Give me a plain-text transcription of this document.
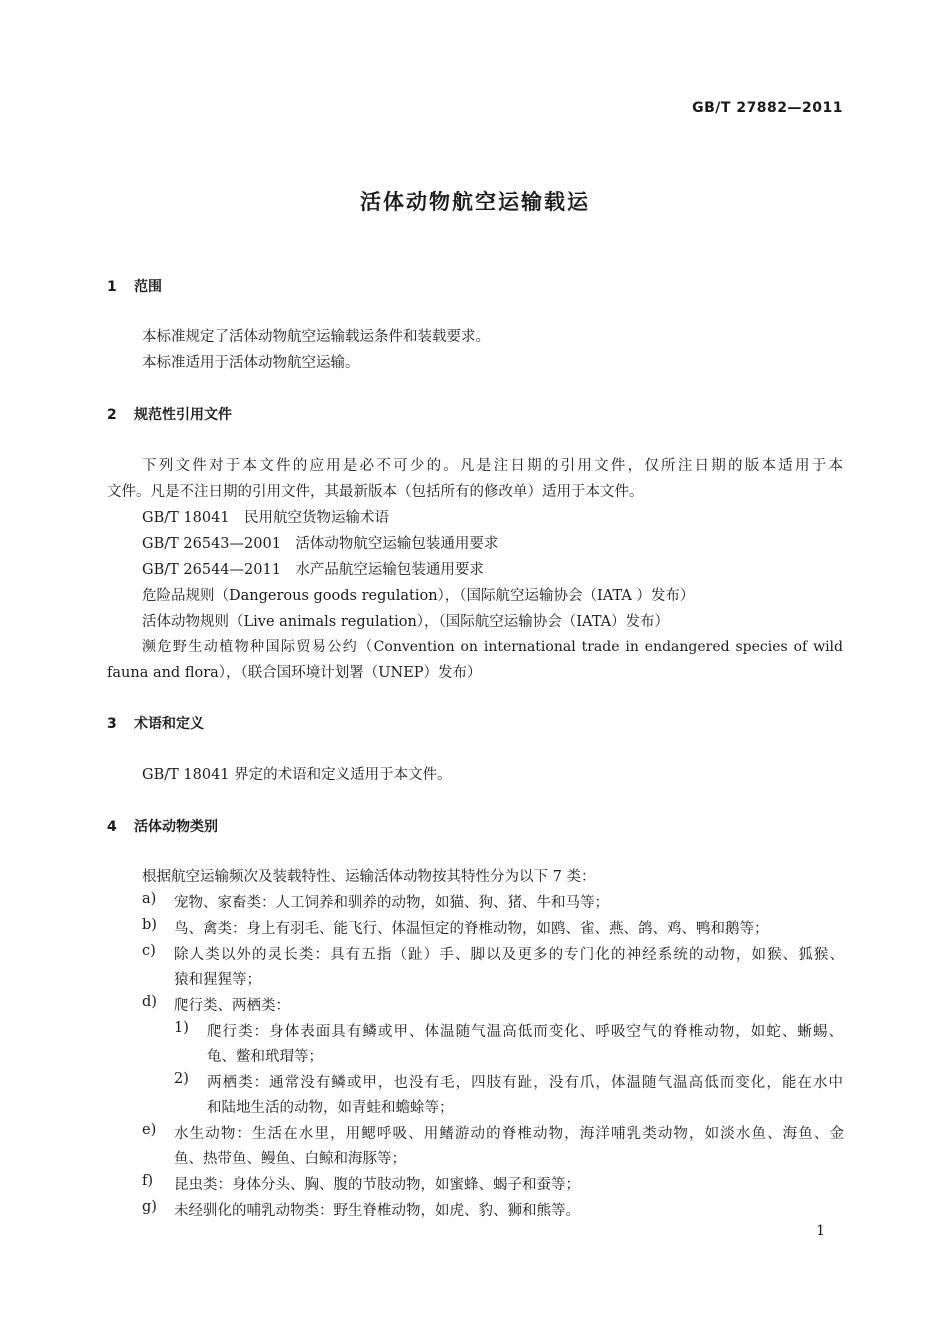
GB/T 27882—2011
活体动物航空运输载运
1 范围
本标准规定了活体动物航空运输载运条件和装载要求。
本标准适用于活体动物航空运输。
2 规范性引用文件
下列文件对于本文件的应用是必不可少的。凡是注日期的引用文件，仅所注日期的版本适用于本
文件。凡是不注日期的引用文件，其最新版本（包括所有的修改单）适用于本文件。
GB/T 18041　民用航空货物运输术语
GB/T 26543—2001　活体动物航空运输包装通用要求
GB/T 26544—2011　水产品航空运输包装通用要求
危险品规则（Dangerous goods regulation），（国际航空运输协会（IATA ）发布）
活体动物规则（Live animals regulation），（国际航空运输协会（IATA）发布）
濒危野生动植物种国际贸易公约（Convention on international trade in endangered species of wild
fauna and flora），（联合国环境计划署（UNEP）发布）
3 术语和定义
GB/T 18041 界定的术语和定义适用于本文件。
4 活体动物类别
根据航空运输频次及装载特性、运输活体动物按其特性分为以下 7 类：
a) 宠物、家畜类：人工饲养和驯养的动物，如猫、狗、猪、牛和马等；
b) 鸟、禽类：身上有羽毛、能飞行、体温恒定的脊椎动物，如鸥、雀、燕、鸽、鸡、鸭和鹅等；
c) 除人类以外的灵长类：具有五指（趾）手、脚以及更多的专门化的神经系统的动物，如猴、狐猴、
猿和猩猩等；
d) 爬行类、两栖类：
1) 爬行类：身体表面具有鳞或甲、体温随气温高低而变化、呼吸空气的脊椎动物，如蛇、蜥蜴、
龟、鳖和玳瑁等；
2) 两栖类：通常没有鳞或甲，也没有毛，四肢有趾，没有爪，体温随气温高低而变化，能在水中
和陆地生活的动物，如青蛙和蟾蜍等；
e) 水生动物：生活在水里，用鳃呼吸、用鳍游动的脊椎动物，海洋哺乳类动物，如淡水鱼、海鱼、金
鱼、热带鱼、鳗鱼、白鲸和海豚等；
f) 昆虫类：身体分头、胸、腹的节肢动物，如蜜蜂、蝎子和蚕等；
g) 未经驯化的哺乳动物类：野生脊椎动物，如虎、豹、狮和熊等。
1
